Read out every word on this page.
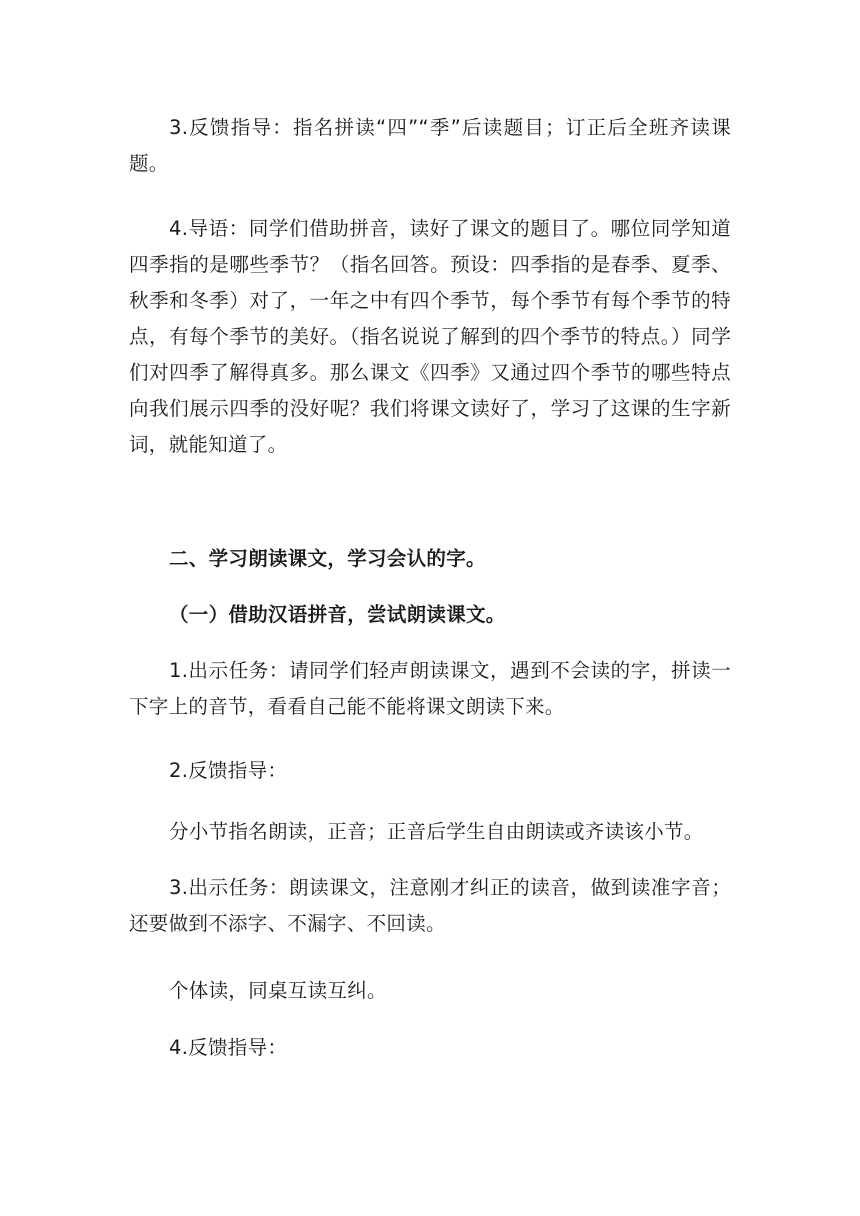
3.反馈指导：指名拼读“四”“季”后读题目；订正后全班齐读课题。

4.导语：同学们借助拼音，读好了课文的题目了。哪位同学知道四季指的是哪些季节？（指名回答。预设：四季指的是春季、夏季、秋季和冬季）对了，一年之中有四个季节，每个季节有每个季节的特点，有每个季节的美好。（指名说说了解到的四个季节的特点。）同学们对四季了解得真多。那么课文《四季》又通过四个季节的哪些特点向我们展示四季的没好呢？我们将课文读好了，学习了这课的生字新词，就能知道了。

二、学习朗读课文，学习会认的字。

（一）借助汉语拼音，尝试朗读课文。

1.出示任务：请同学们轻声朗读课文，遇到不会读的字，拼读一下字上的音节，看看自己能不能将课文朗读下来。

2.反馈指导：

分小节指名朗读，正音；正音后学生自由朗读或齐读该小节。

3.出示任务：朗读课文，注意刚才纠正的读音，做到读准字音；还要做到不添字、不漏字、不回读。

个体读，同桌互读互纠。

4.反馈指导：
